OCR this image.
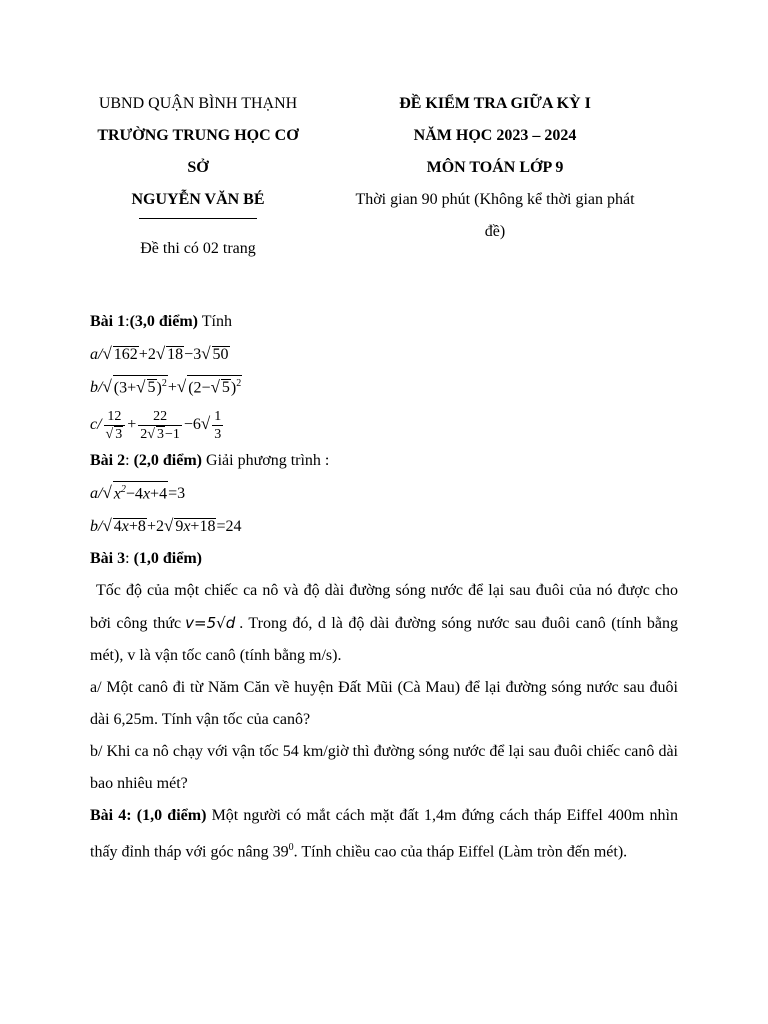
UBND QUẬN BÌNH THẠNH
TRƯỜNG TRUNG HỌC CƠ
SỞ
NGUYỄN VĂN BÉ
Đề thi có 02 trang
ĐỀ KIỂM TRA GIỮA KỲ I
NĂM HỌC 2023 – 2024
MÔN TOÁN LỚP 9
Thời gian 90 phút (Không kể thời gian phát
đề)
Bài 1:(3,0 điểm) Tính
a/√ 162+2√ 18−3√ 50
b/√ (3+√ 5)$^2$+√ (2−√ 5)$^2$
$c/ \frac{12}{√ 3} + \frac{22}{2√ 3-1} -6√ \frac{1}{3}$
Bài 2: (2,0 điểm) Giải phương trình :
a/√ $x^2-4x+4=3$
b/√ 4x+8+2√ 9x+18=24
Bài 3: (1,0 điểm)
Tốc độ của một chiếc ca nô và độ dài đường sóng nước để lại sau đuôi của nó được cho bởi công thức v=5√d . Trong đó, d là độ dài đường sóng nước sau đuôi canô (tính bằng mét), v là vận tốc canô (tính bằng m/s).
a/ Một canô đi từ Năm Căn về huyện Đất Mũi (Cà Mau) để lại đường sóng nước sau đuôi dài 6,25m. Tính vận tốc của canô?
b/ Khi ca nô chạy với vận tốc 54 km/giờ thì đường sóng nước để lại sau đuôi chiếc canô dài bao nhiêu mét?
Bài 4: (1,0 điểm) Một người có mắt cách mặt đất 1,4m đứng cách tháp Eiffel 400m nhìn thấy đỉnh tháp với góc nâng $39^0$. Tính chiều cao của tháp Eiffel (Làm tròn đến mét).
